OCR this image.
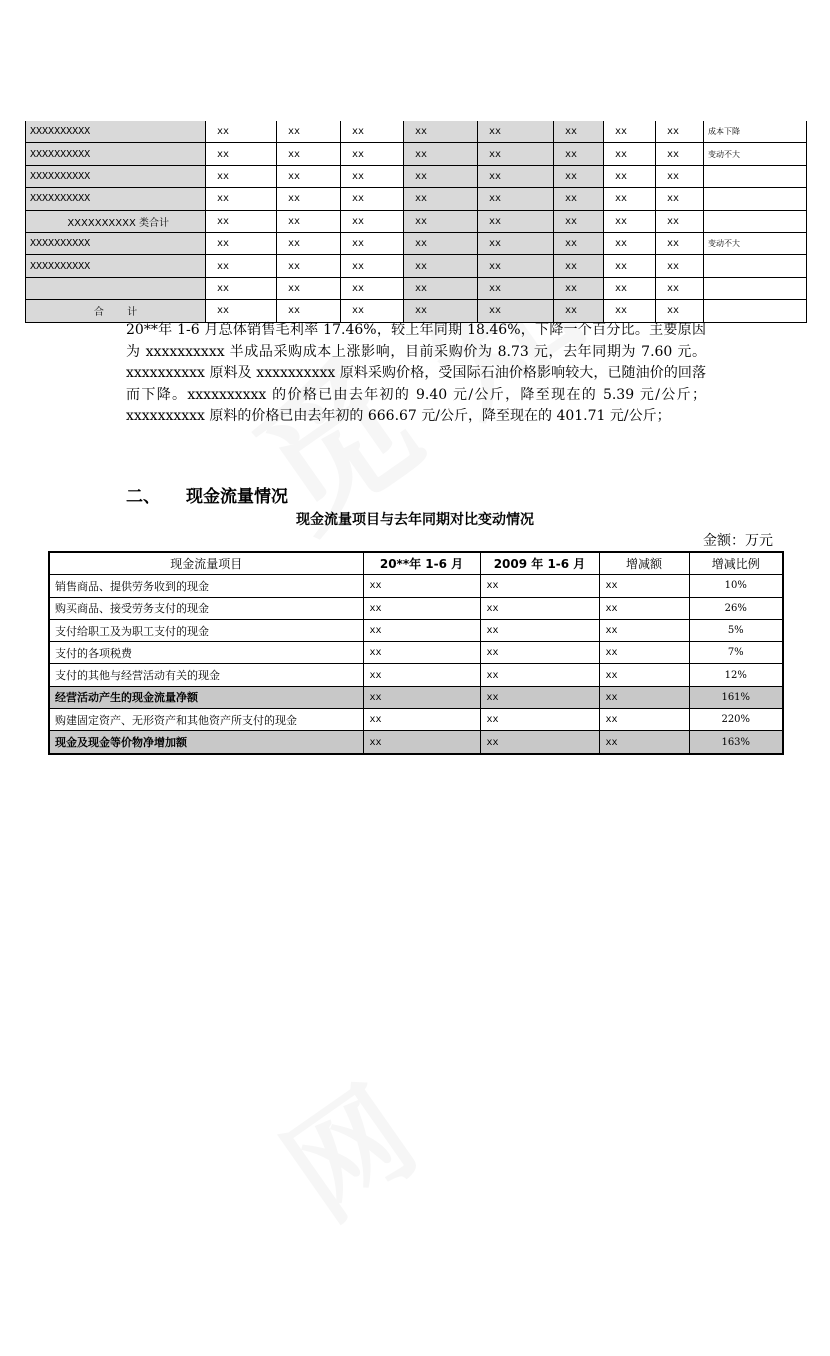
XXXXXXXXXX	xx	xx	xx	xx	xx	xx	xx	xx	成本下降
XXXXXXXXXX	xx	xx	xx	xx	xx	xx	xx	xx	变动不大
XXXXXXXXXX	xx	xx	xx	xx	xx	xx	xx	xx	
XXXXXXXXXX	xx	xx	xx	xx	xx	xx	xx	xx	
XXXXXXXXXX 类合计	xx	xx	xx	xx	xx	xx	xx	xx	
XXXXXXXXXX	xx	xx	xx	xx	xx	xx	xx	xx	变动不大
XXXXXXXXXX	xx	xx	xx	xx	xx	xx	xx	xx	
	xx	xx	xx	xx	xx	xx	xx	xx	
合 计	xx	xx	xx	xx	xx	xx	xx	xx	
20**年 1-6 月总体销售毛利率 17.46%，较上年同期 18.46%，下降一个百分比。主要原因为 xxxxxxxxxx 半成品采购成本上涨影响，目前采购价为 8.73 元，去年同期为 7.60 元。xxxxxxxxxx 原料及 xxxxxxxxxx 原料采购价格，受国际石油价格影响较大，已随油价的回落而下降。xxxxxxxxxx 的价格已由去年初的 9.40 元/公斤，降至现在的 5.39 元/公斤；xxxxxxxxxx 原料的价格已由去年初的 666.67 元/公斤，降至现在的 401.71 元/公斤；
二、 现金流量情况
现金流量项目与去年同期对比变动情况
金额：万元
现金流量项目	20**年 1-6 月	2009 年 1-6 月	增减额	增减比例
销售商品、提供劳务收到的现金	xx	xx	xx	10%
购买商品、接受劳务支付的现金	xx	xx	xx	26%
支付给职工及为职工支付的现金	xx	xx	xx	5%
支付的各项税费	xx	xx	xx	7%
支付的其他与经营活动有关的现金	xx	xx	xx	12%
经营活动产生的现金流量净额	xx	xx	xx	161%
购建固定资产、无形资产和其他资产所支付的现金	xx	xx	xx	220%
现金及现金等价物净增加额	xx	xx	xx	163%
